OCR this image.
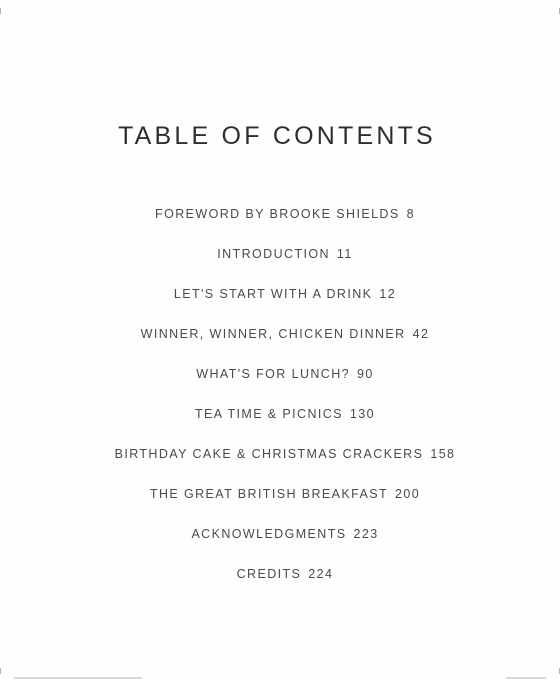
TABLE OF CONTENTS
FOREWORD BY BROOKE SHIELDS 8
INTRODUCTION 11
LET'S START WITH A DRINK 12
WINNER, WINNER, CHICKEN DINNER 42
WHAT'S FOR LUNCH? 90
TEA TIME & PICNICS 130
BIRTHDAY CAKE & CHRISTMAS CRACKERS 158
THE GREAT BRITISH BREAKFAST 200
ACKNOWLEDGMENTS 223
CREDITS 224
